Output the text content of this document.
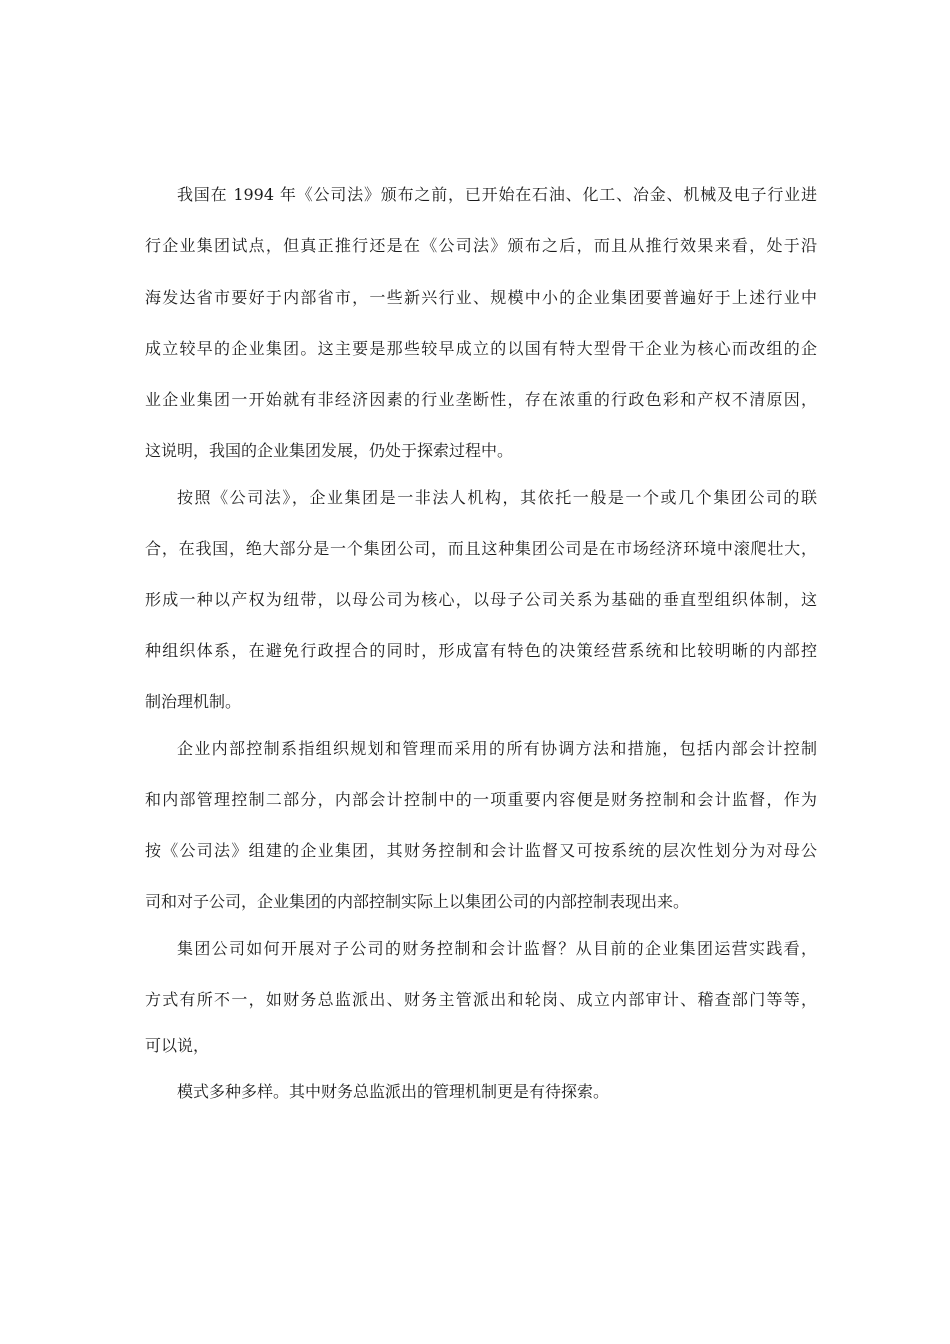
我国在 1994 年《公司法》颁布之前，已开始在石油、化工、冶金、机械及电子行业进
行企业集团试点，但真正推行还是在《公司法》颁布之后，而且从推行效果来看，处于沿
海发达省市要好于内部省市，一些新兴行业、规模中小的企业集团要普遍好于上述行业中
成立较早的企业集团。这主要是那些较早成立的以国有特大型骨干企业为核心而改组的企
业企业集团一开始就有非经济因素的行业垄断性，存在浓重的行政色彩和产权不清原因，
这说明，我国的企业集团发展，仍处于探索过程中。
按照《公司法》，企业集团是一非法人机构，其依托一般是一个或几个集团公司的联
合，在我国，绝大部分是一个集团公司，而且这种集团公司是在市场经济环境中滚爬壮大，
形成一种以产权为纽带，以母公司为核心，以母子公司关系为基础的垂直型组织体制，这
种组织体系，在避免行政捏合的同时，形成富有特色的决策经营系统和比较明晰的内部控
制治理机制。
企业内部控制系指组织规划和管理而采用的所有协调方法和措施，包括内部会计控制
和内部管理控制二部分，内部会计控制中的一项重要内容便是财务控制和会计监督，作为
按《公司法》组建的企业集团，其财务控制和会计监督又可按系统的层次性划分为对母公
司和对子公司，企业集团的内部控制实际上以集团公司的内部控制表现出来。
集团公司如何开展对子公司的财务控制和会计监督？从目前的企业集团运营实践看，
方式有所不一，如财务总监派出、财务主管派出和轮岗、成立内部审计、稽查部门等等，
可以说，
模式多种多样。其中财务总监派出的管理机制更是有待探索。
